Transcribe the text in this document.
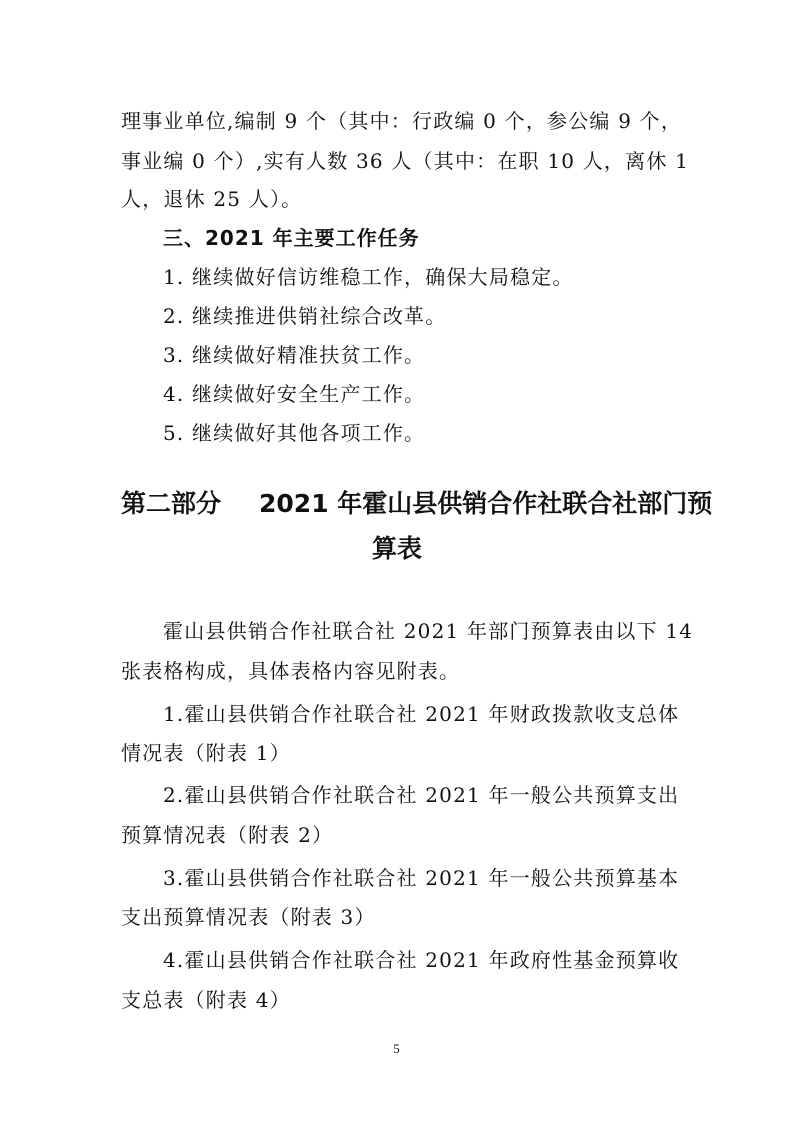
理事业单位,编制 9 个（其中：行政编 0 个，参公编 9 个，
事业编 0 个）,实有人数 36 人（其中：在职 10 人，离休 1
人，退休 25 人）。
三、2021 年主要工作任务
1. 继续做好信访维稳工作，确保大局稳定。
2. 继续推进供销社综合改革。
3. 继续做好精准扶贫工作。
4. 继续做好安全生产工作。
5. 继续做好其他各项工作。
第二部分 2021 年霍山县供销合作社联合社部门预
算表
霍山县供销合作社联合社 2021 年部门预算表由以下 14
张表格构成，具体表格内容见附表。
1.霍山县供销合作社联合社 2021 年财政拨款收支总体
情况表（附表 1）
2.霍山县供销合作社联合社 2021 年一般公共预算支出
预算情况表（附表 2）
3.霍山县供销合作社联合社 2021 年一般公共预算基本
支出预算情况表（附表 3）
4.霍山县供销合作社联合社 2021 年政府性基金预算收
支总表（附表 4）
5
